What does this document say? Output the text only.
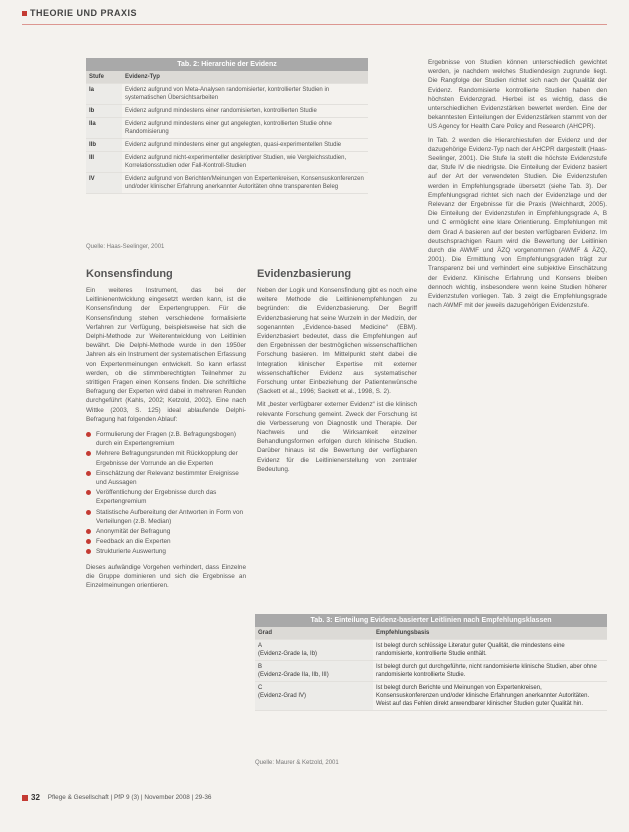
THEORIE UND PRAXIS
Tab. 2: Hierarchie der Evidenz
Stufe	Evidenz-Typ
Ia	Evidenz aufgrund von Meta-Analysen randomisierter, kontrollierter Studien in systematischen Übersichtsarbeiten
Ib	Evidenz aufgrund mindestens einer randomisierten, kontrollierten Studie
IIa	Evidenz aufgrund mindestens einer gut angelegten, kontrollierten Studie ohne Randomisierung
IIb	Evidenz aufgrund mindestens einer gut angelegten, quasi-experimentellen Studie
III	Evidenz aufgrund nicht-experimenteller deskriptiver Studien, wie Vergleichsstudien, Korrelationsstudien oder Fall-Kontroll-Studien
IV	Evidenz aufgrund von Berichten/Meinungen von Expertenkreisen, Konsensuskonferenzen und/oder klinischer Erfahrung anerkannter Autoritäten ohne transparenten Beleg
Quelle: Haas-Seelinger, 2001
Konsensfindung
Ein weiteres Instrument, das bei der Leitlinienentwicklung eingesetzt werden kann, ist die Konsensfindung der Expertengruppen. Für die Konsensfindung stehen verschiedene formalisierte Verfahren zur Verfügung, beispielsweise hat sich die Delphi-Methode zur Weiterentwicklung von Leitlinien bewährt. Die Delphi-Methode wurde in den 1950er Jahren als ein Instrument der systematischen Erfassung von Expertenmeinungen entwickelt. So kann erfasst werden, ob die stimmberechtigten Teilnehmer zu strittigen Fragen einen Konsens finden. Die schriftliche Befragung der Experten wird dabei in mehreren Runden durchgeführt (Kahls, 2002; Ketzold, 2002). Eine nach Wittke (2003, S. 125) ideal ablaufende Delphi-Befragung hat folgenden Ablauf:
Formulierung der Fragen (z.B. Befragungsbogen) durch ein Expertengremium
Mehrere Befragungsrunden mit Rückkopplung der Ergebnisse der Vorrunde an die Experten
Einschätzung der Relevanz bestimmter Ereignisse und Aussagen
Veröffentlichung der Ergebnisse durch das Expertengremium
Statistische Aufbereitung der Antworten in Form von Verteilungen (z.B. Median)
Anonymität der Befragung
Feedback an die Experten
Strukturierte Auswertung
Dieses aufwändige Vorgehen verhindert, dass Einzelne die Gruppe dominieren und sich die Ergebnisse an Einzelmeinungen orientieren.
Evidenzbasierung
Neben der Logik und Konsensfindung gibt es noch eine weitere Methode die Leitlinienempfehlungen zu begründen: die Evidenzbasierung. Der Begriff Evidenzbasierung hat seine Wurzeln in der Medizin, der sogenannten „Evidence-based Medicine“ (EBM). Evidenzbasiert bedeutet, dass die Empfehlungen auf den Ergebnissen der bestmöglichen wissenschaftlichen Forschung basieren. Im Mittelpunkt steht dabei die Integration klinischer Expertise mit externer wissenschaftlicher Evidenz aus systematischer Forschung unter Einbeziehung der Patientenwünsche (Sackett et al., 1996; Sackett et al., 1998, S. 2).
Mit „bester verfügbarer externer Evidenz“ ist die klinisch relevante Forschung gemeint. Zweck der Forschung ist die Verbesserung von Diagnostik und Therapie. Der Nachweis und die Wirksamkeit einzelner Behandlungsformen erfolgen durch klinische Studien. Darüber hinaus ist die Bewertung der verfügbaren Evidenz für die Leitlinienerstellung von zentraler Bedeutung.
Ergebnisse von Studien können unterschiedlich gewichtet werden, je nachdem welches Studiendesign zugrunde liegt. Die Rangfolge der Studien richtet sich nach der Qualität der Evidenz. Randomisierte kontrollierte Studien haben den höchsten Evidenzgrad. Hierbei ist es wichtig, dass die unterschiedlichen Evidenzstärken bewertet werden. Eine der bekanntesten Einteilungen der Evidenzstärken stammt von der US Agency for Health Care Policy and Research (AHCPR).
In Tab. 2 werden die Hierarchiestufen der Evidenz und der dazugehörige Evidenz-Typ nach der AHCPR dargestellt (Haas-Seelinger, 2001). Die Stufe Ia stellt die höchste Evidenzstufe dar, Stufe IV die niedrigste. Die Einteilung der Evidenz basiert auf der Art der verwendeten Studien. Die Evidenzstufen werden in Empfehlungsgrade übersetzt (siehe Tab. 3). Der Empfehlungsgrad richtet sich nach der Evidenzlage und der Relevanz der Ergebnisse für die Praxis (Weichhardt, 2005). Die Einteilung der Evidenzstufen in Empfehlungsgrade A, B und C ermöglicht eine klare Orientierung. Empfehlungen mit dem Grad A basieren auf der besten verfügbaren Evidenz. Im deutschsprachigen Raum wird die Bewertung der Leitlinien durch die AWMF und ÄZQ vorgenommen (AWMF & ÄZQ, 2001). Die Ermittlung von Empfehlungsgraden trägt zur Transparenz bei und verhindert eine subjektive Einschätzung der Evidenz. Klinische Erfahrung und Konsens bleiben dennoch wichtig, insbesondere wenn keine Studien höherer Evidenzstufen vorliegen. Tab. 3 zeigt die Empfehlungsgrade nach AWMF mit der jeweils dazugehörigen Evidenzstufe.
Tab. 3: Einteilung Evidenz-basierter Leitlinien nach Empfehlungsklassen
Grad	Empfehlungsbasis

A
(Evidenz-Grade Ia, Ib)	Ist belegt durch schlüssige Literatur guter Qualität, die mindestens eine randomisierte, kontrollierte Studie enthält.

B
(Evidenz-Grade IIa, IIb, III)	Ist belegt durch gut durchgeführte, nicht randomisierte klinische Studien, aber ohne randomisierte kontrollierte Studie.

C
(Evidenz-Grad IV)	Ist belegt durch Berichte und Meinungen von Expertenkreisen, Konsensuskonferenzen und/oder klinische Erfahrungen anerkannter Autoritäten. Weist auf das Fehlen direkt anwendbarer klinischer Studien guter Qualität hin.
Quelle: Maurer & Ketzold, 2001
32 Pflege & Gesellschaft | PfP 9 (3) | November 2008 | 29-36
